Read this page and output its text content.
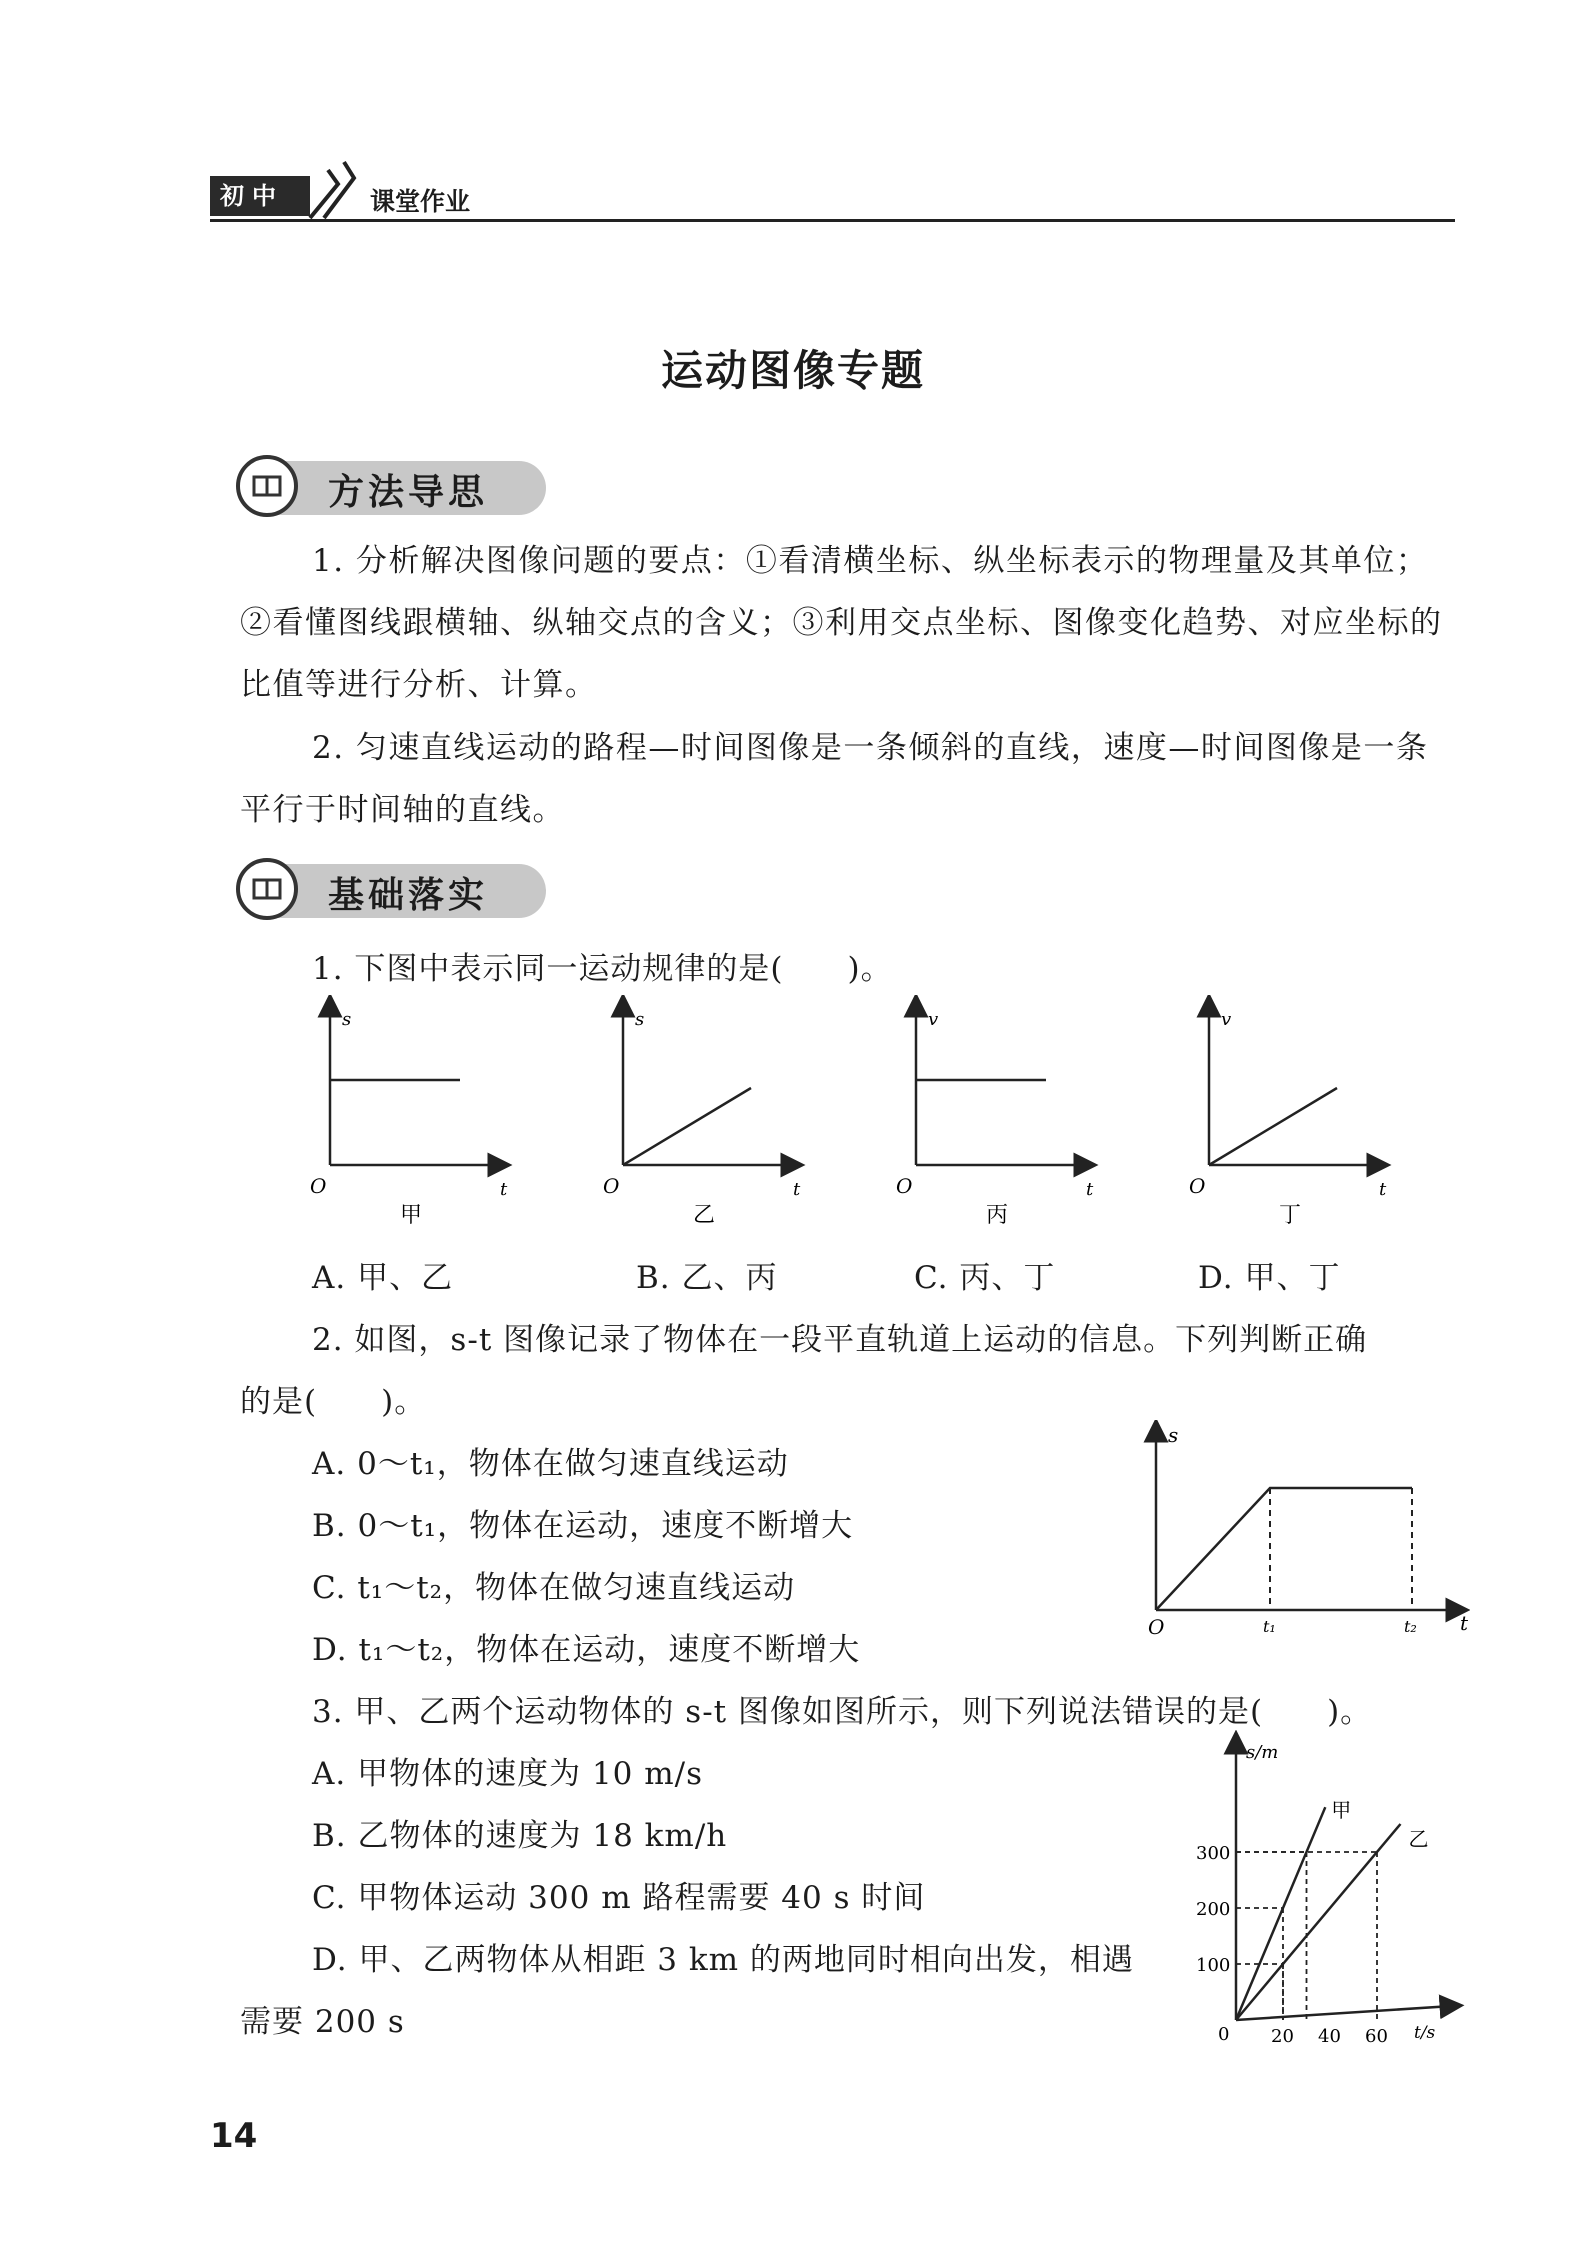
初中	课堂作业
运动图像专题
方法导思
1. 分析解决图像问题的要点：①看清横坐标、纵坐标表示的物理量及其单位；②看懂图线跟横轴、纵轴交点的含义；③利用交点坐标、图像变化趋势、对应坐标的比值等进行分析、计算。
2. 匀速直线运动的路程—时间图像是一条倾斜的直线，速度—时间图像是一条平行于时间轴的直线。
基础落实
1. 下图中表示同一运动规律的是(　　)。
s
t
O
甲
s
t
O
乙
v
t
O
丙
v
t
O
丁
A. 甲、乙	B. 乙、丙	C. 丙、丁	D. 甲、丁
2. 如图，s-t 图像记录了物体在一段平直轨道上运动的信息。下列判断正确
的是(　　)。
A. 0～t₁，物体在做匀速直线运动
B. 0～t₁，物体在运动，速度不断增大
C. t₁～t₂，物体在做匀速直线运动
D. t₁～t₂，物体在运动，速度不断增大
s
t
O	t₁	t₂
3. 甲、乙两个运动物体的 s-t 图像如图所示，则下列说法错误的是(　　)。
A. 甲物体的速度为 10 m/s
B. 乙物体的速度为 18 km/h
C. 甲物体运动 300 m 路程需要 40 s 时间
D. 甲、乙两物体从相距 3 km 的两地同时相向出发，相遇
需要 200 s
甲
乙
100
200
300
20 40 60
0
s/m
t/s
14
